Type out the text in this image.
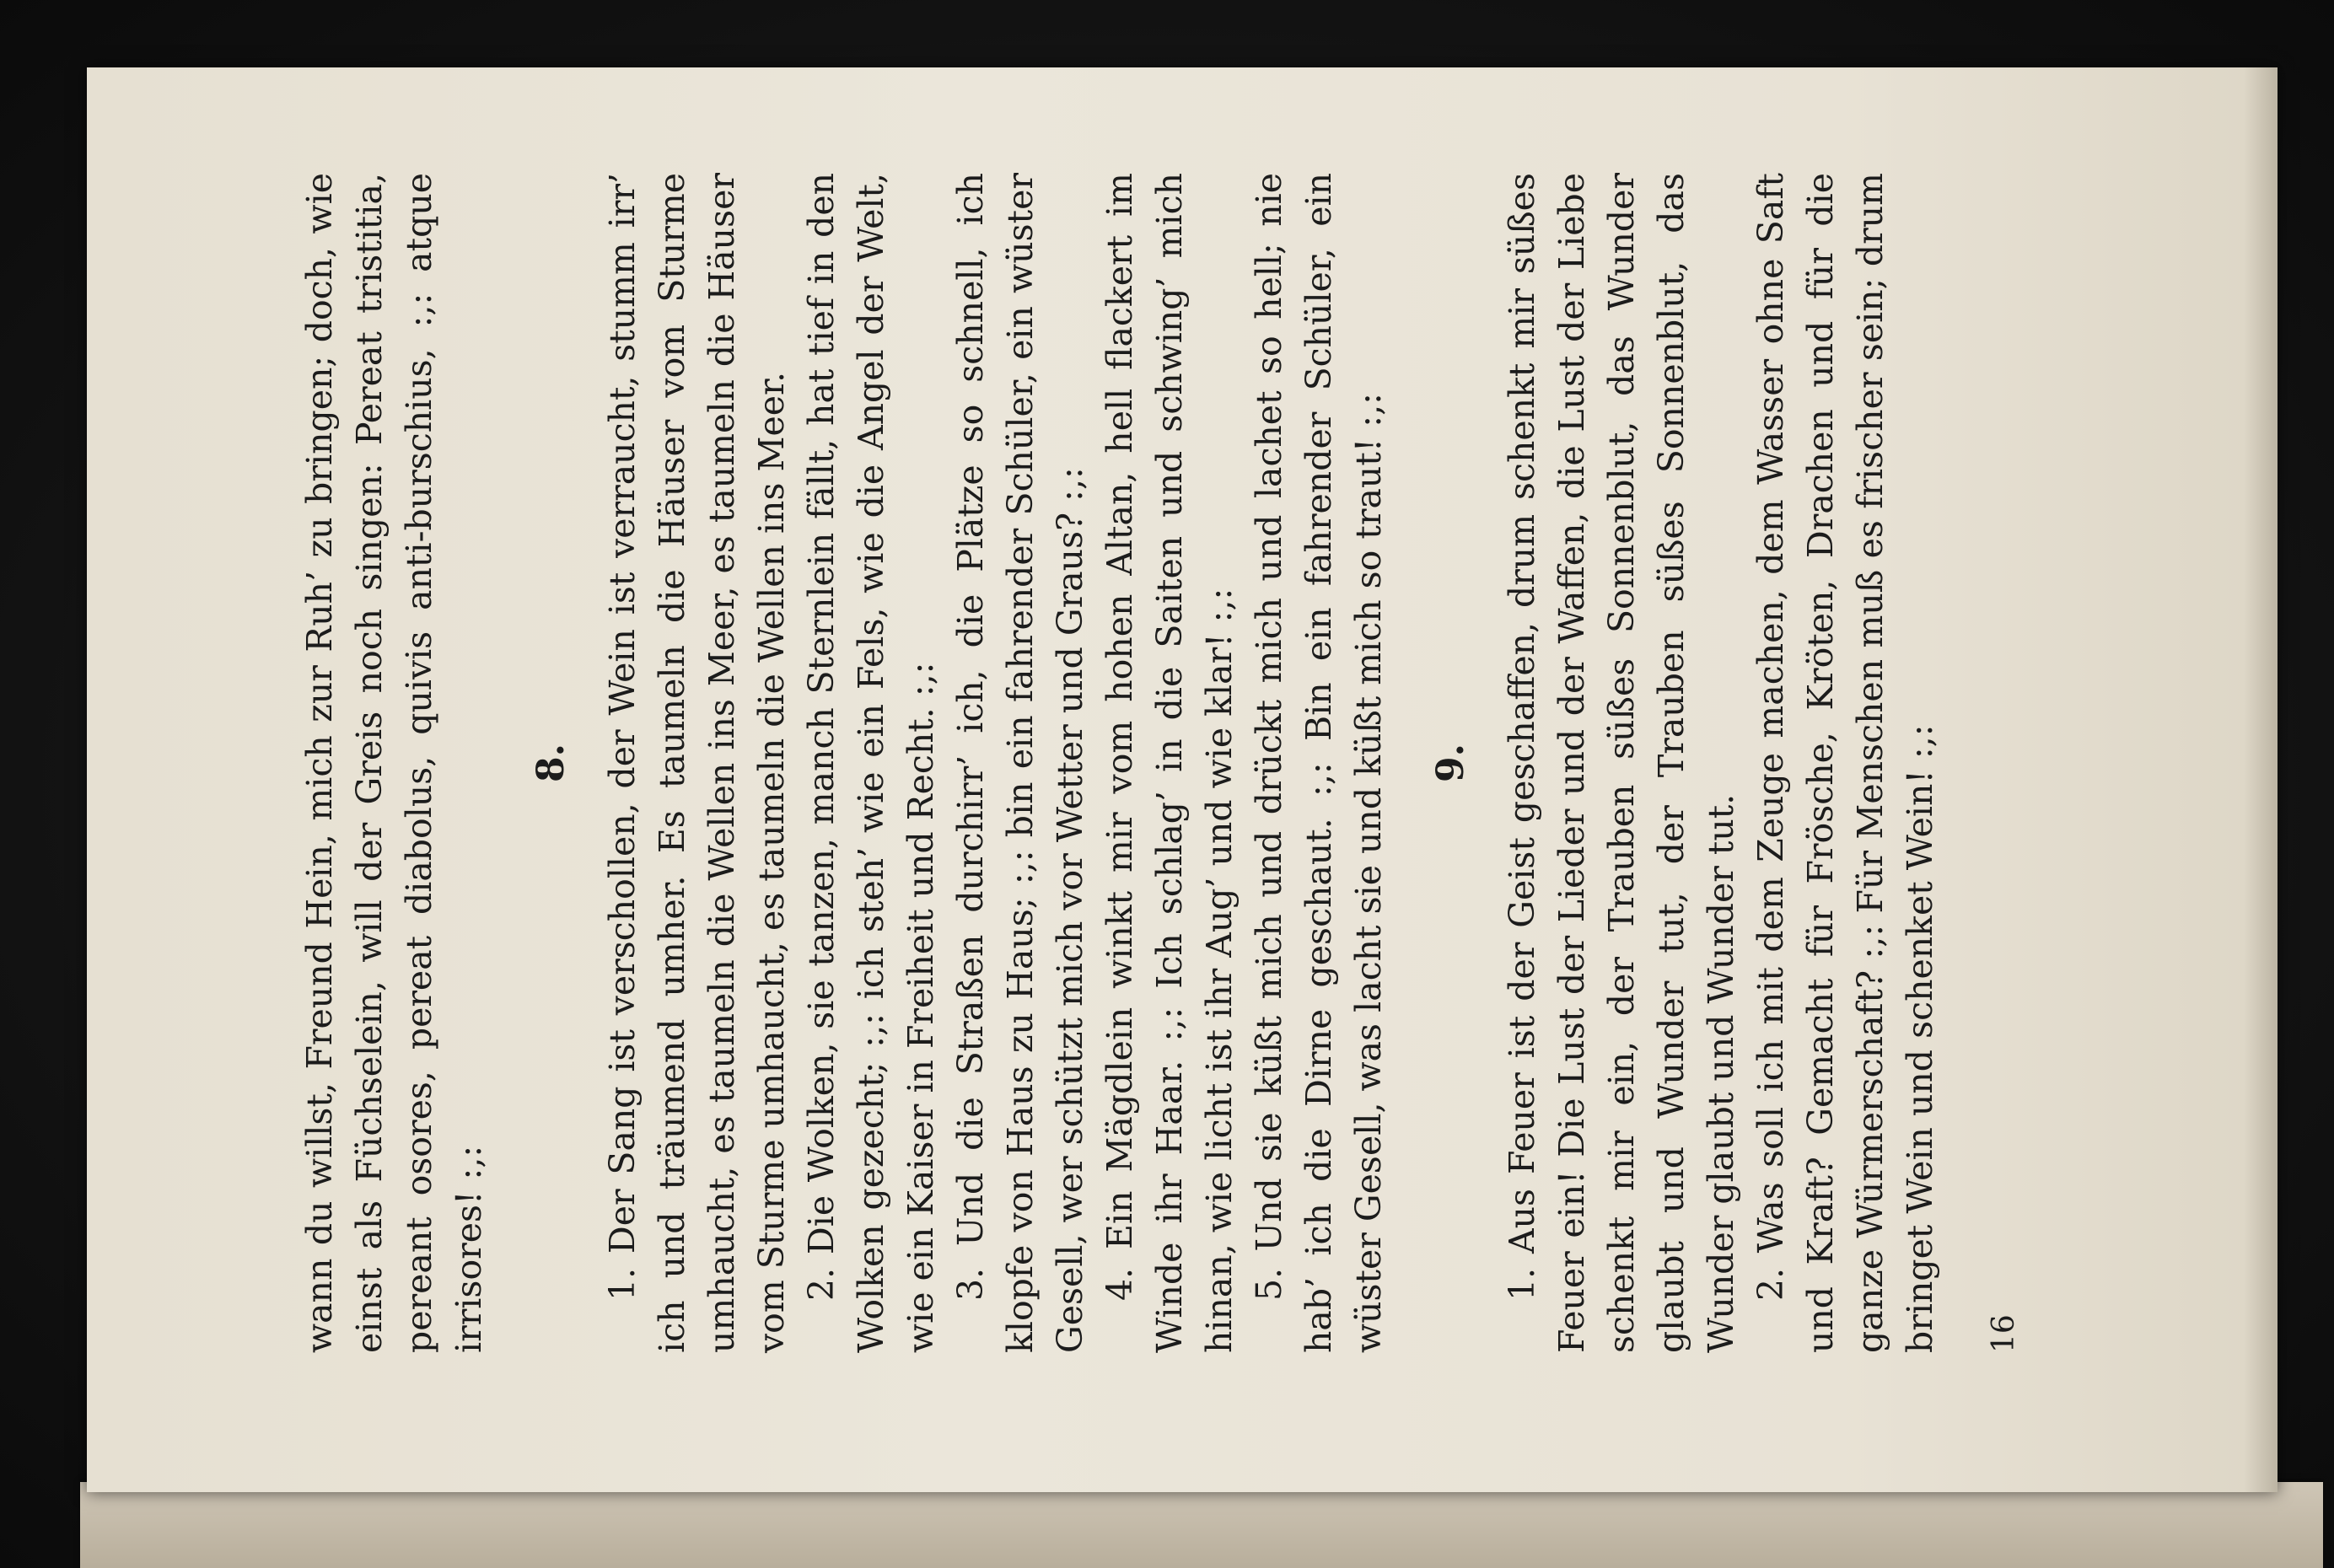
wann du willst, Freund Hein, mich zur Ruh’ zu bringen; doch, wie einst als Füchselein, will der Greis noch singen: Pereat tristitia, pereant osores, pereat diabolus, quivis anti-burschius, :,: atque irrisores! :,:

8. 1. Der Sang ist verschollen, der Wein ist verraucht, stumm irr’ ich und träumend umher. Es taumeln die Häuser vom Sturme umhaucht, es taumeln die Wellen ins Meer, es taumeln die Häuser vom Sturme umhaucht, es taumeln die Wellen ins Meer. 2. Die Wolken, sie tanzen, manch Sternlein fällt, hat tief in den Wolken gezecht; :,: ich steh’ wie ein Fels, wie die Angel der Welt, wie ein Kaiser in Freiheit und Recht. :,: 3. Und die Straßen durchirr’ ich, die Plätze so schnell, ich klopfe von Haus zu Haus; :,: bin ein fahrender Schüler, ein wüster Gesell, wer schützt mich vor Wetter und Graus? :,: 4. Ein Mägdlein winkt mir vom hohen Altan, hell flackert im Winde ihr Haar. :,: Ich schlag’ in die Saiten und schwing’ mich hinan, wie licht ist ihr Aug’ und wie klar! :,: 5. Und sie küßt mich und drückt mich und lachet so hell; nie hab’ ich die Dirne geschaut. :,: Bin ein fahrender Schüler, ein wüster Gesell, was lacht sie und küßt mich so traut! :,: 9. 1. Aus Feuer ist der Geist geschaffen, drum schenkt mir süßes Feuer ein! Die Lust der Lieder und der Waffen, die Lust der Liebe schenkt mir ein, der Trauben süßes Sonnenblut, das Wunder glaubt und Wunder tut, der Trauben süßes Sonnenblut, das Wunder glaubt und Wunder tut. 2. Was soll ich mit dem Zeuge machen, dem Wasser ohne Saft und Kraft? Gemacht für Frösche, Kröten, Drachen und für die ganze Würmerschaft? :,: Für Menschen muß es frischer sein; drum bringet Wein und schenket Wein! :,: 16
